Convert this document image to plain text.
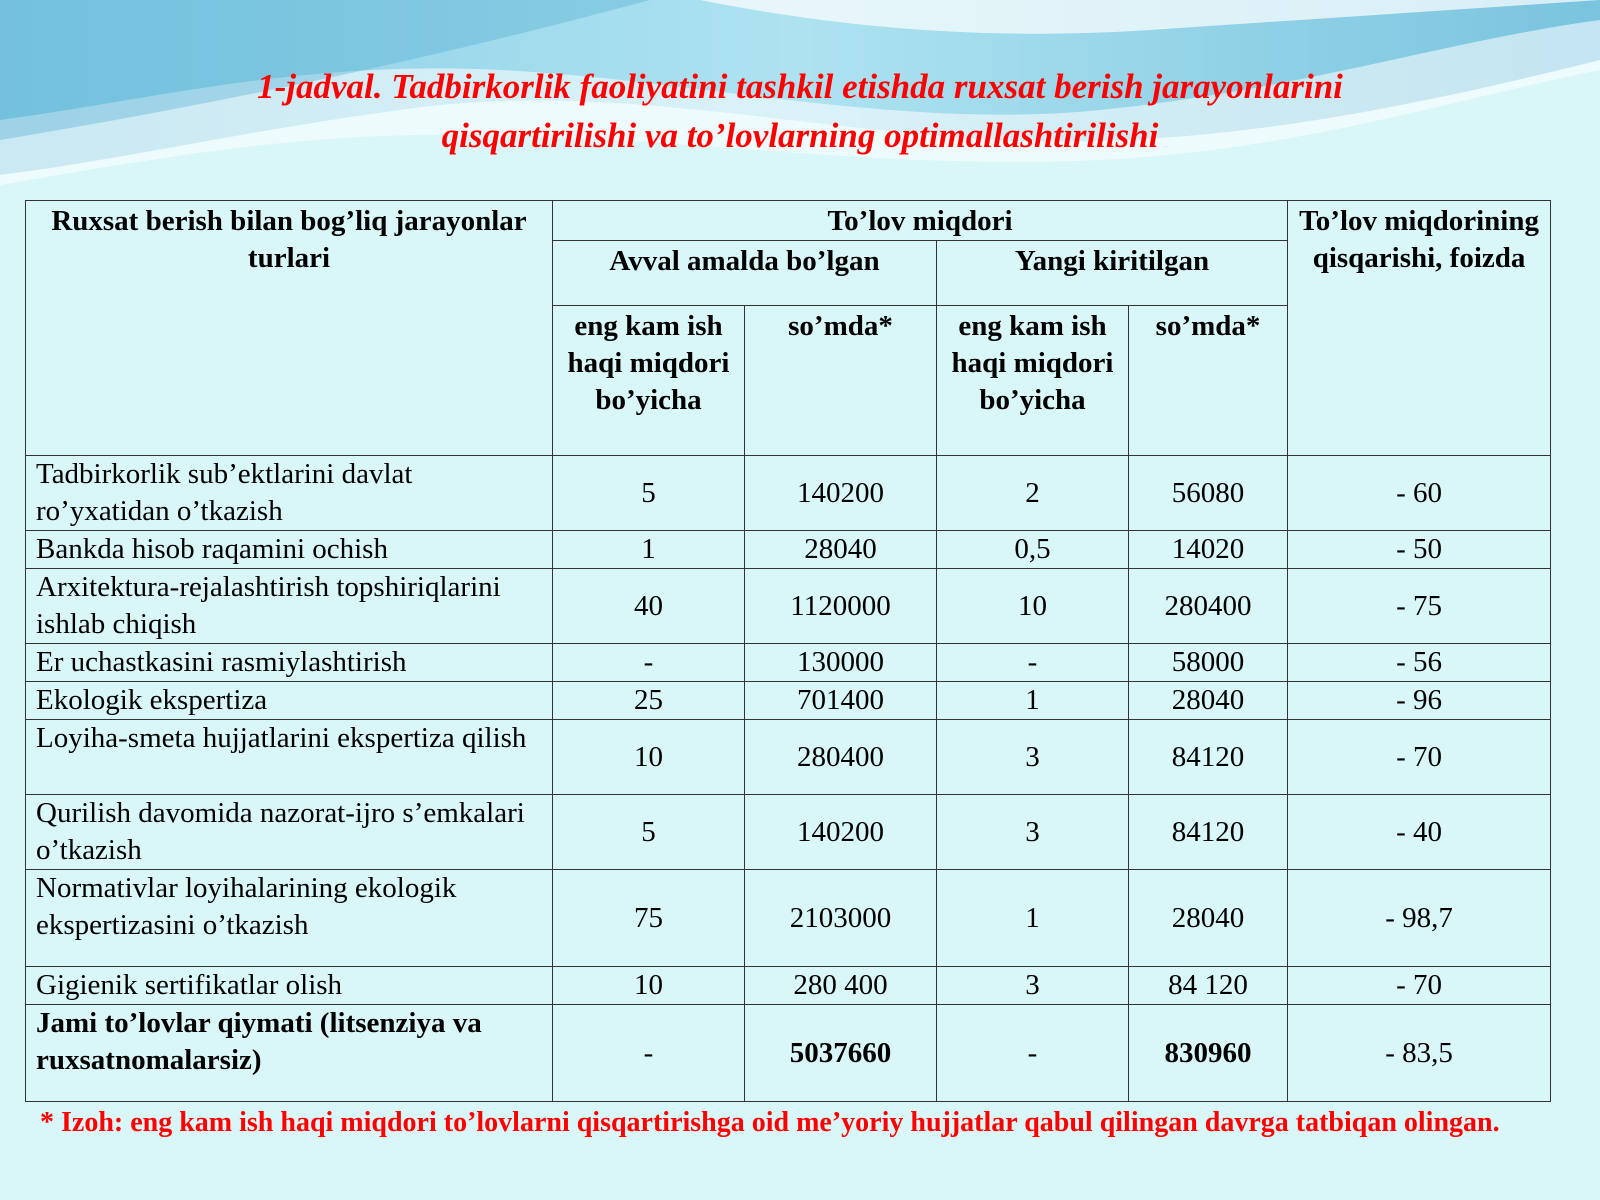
1-jadval. Tadbirkorlik faoliyatini tashkil etishda ruxsat berish jarayonlarini
qisqartirilishi va to’lovlarning optimallashtirilishi
Ruxsat berish bilan bog’liq jarayonlar turlari	To’lov miqdori				To’lov miqdorining qisqarishi, foizda
	Avval amalda bo’lgan		Yangi kiritilgan		
	eng kam ish haqi miqdori bo’yicha	so’mda*	eng kam ish haqi miqdori bo’yicha	so’mda*	
Tadbirkorlik sub’ektlarini davlat ro’yxatidan o’tkazish	5	140200	2	56080	- 60
Bankda hisob raqamini ochish	1	28040	0,5	14020	- 50
Arxitektura-rejalashtirish topshiriqlarini ishlab chiqish	40	1120000	10	280400	- 75
Er uchastkasini rasmiylashtirish	-	130000	-	58000	- 56
Ekologik ekspertiza	25	701400	1	28040	- 96
Loyiha-smeta hujjatlarini ekspertiza qilish	10	280400	3	84120	- 70
Qurilish davomida nazorat-ijro s’emkalari o’tkazish	5	140200	3	84120	- 40
Normativlar loyihalarining ekologik ekspertizasini o’tkazish	75	2103000	1	28040	- 98,7
Gigienik sertifikatlar olish	10	280 400	3	84 120	- 70
Jami to’lovlar qiymati (litsenziya va ruxsatnomalarsiz)	-	5037660	-	830960	- 83,5
* Izoh: eng kam ish haqi miqdori to’lovlarni qisqartirishga oid me’yoriy hujjatlar qabul qilingan davrga tatbiqan olingan.
